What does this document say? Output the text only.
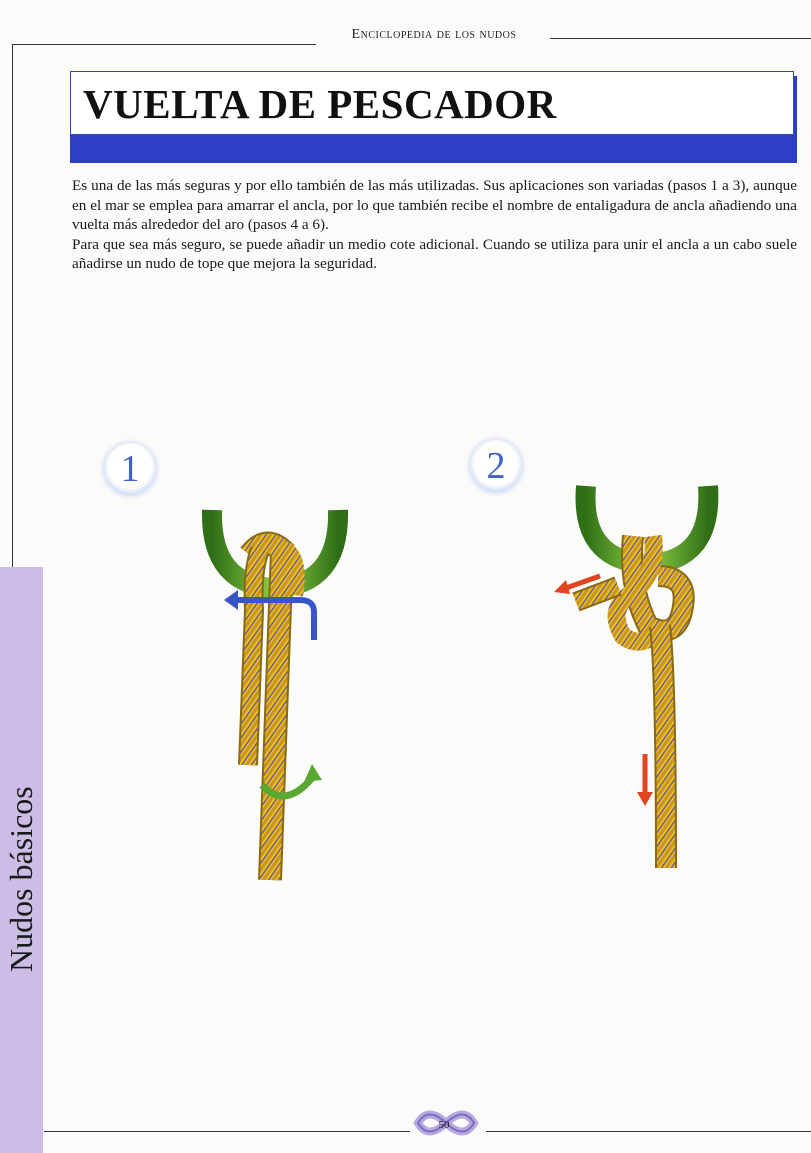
Enciclopedia de los nudos
VUELTA DE PESCADOR

Es una de las más seguras y por ello también de las más utilizadas. Sus aplicaciones son variadas (pasos 1 a 3), aunque en el mar se emplea para amarrar el ancla, por lo que también recibe el nombre de entaligadura de ancla añadiendo una vuelta más alrededor del aro (pasos 4 a 6).

Para que sea más seguro, se puede añadir un medio cote adicional. Cuando se utiliza para unir el ancla a un cabo suele añadirse un nudo de tope que mejora la seguridad.

Nudos básicos
1	2
50
